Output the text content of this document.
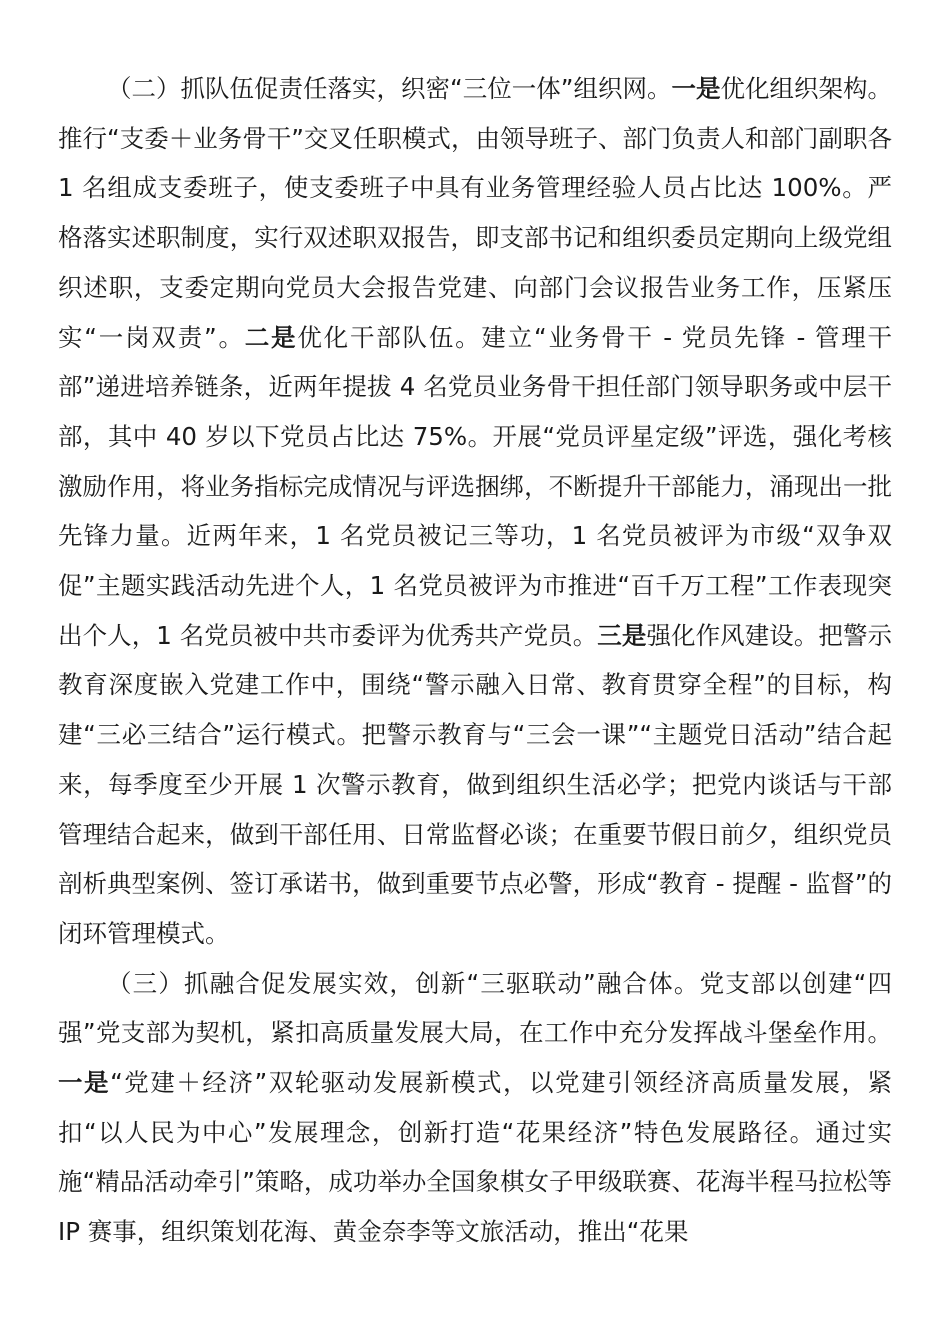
（二）抓队伍促责任落实，织密“三位一体”组织网。一是优化组织架构。推行“支委＋业务骨干”交叉任职模式，由领导班子、部门负责人和部门副职各 1 名组成支委班子，使支委班子中具有业务管理经验人员占比达 100%。严格落实述职制度，实行双述职双报告，即支部书记和组织委员定期向上级党组织述职，支委定期向党员大会报告党建、向部门会议报告业务工作，压紧压实“一岗双责”。二是优化干部队伍。建立“业务骨干 - 党员先锋 - 管理干部”递进培养链条，近两年提拔 4 名党员业务骨干担任部门领导职务或中层干部，其中 40 岁以下党员占比达 75%。开展“党员评星定级”评选，强化考核激励作用，将业务指标完成情况与评选捆绑，不断提升干部能力，涌现出一批先锋力量。近两年来，1 名党员被记三等功，1 名党员被评为市级“双争双促”主题实践活动先进个人，1 名党员被评为市推进“百千万工程”工作表现突出个人，1 名党员被中共市委评为优秀共产党员。三是强化作风建设。把警示教育深度嵌入党建工作中，围绕“警示融入日常、教育贯穿全程”的目标，构建“三必三结合”运行模式。把警示教育与“三会一课”“主题党日活动”结合起来，每季度至少开展 1 次警示教育，做到组织生活必学；把党内谈话与干部管理结合起来，做到干部任用、日常监督必谈；在重要节假日前夕，组织党员剖析典型案例、签订承诺书，做到重要节点必警，形成“教育 - 提醒 - 监督”的闭环管理模式。

（三）抓融合促发展实效，创新“三驱联动”融合体。党支部以创建“四强”党支部为契机，紧扣高质量发展大局，在工作中充分发挥战斗堡垒作用。一是“党建＋经济”双轮驱动发展新模式，以党建引领经济高质量发展，紧扣“以人民为中心”发展理念，创新打造“花果经济”特色发展路径。通过实施“精品活动牵引”策略，成功举办全国象棋女子甲级联赛、花海半程马拉松等 IP 赛事，组织策划花海、黄金奈李等文旅活动，推出“花果
